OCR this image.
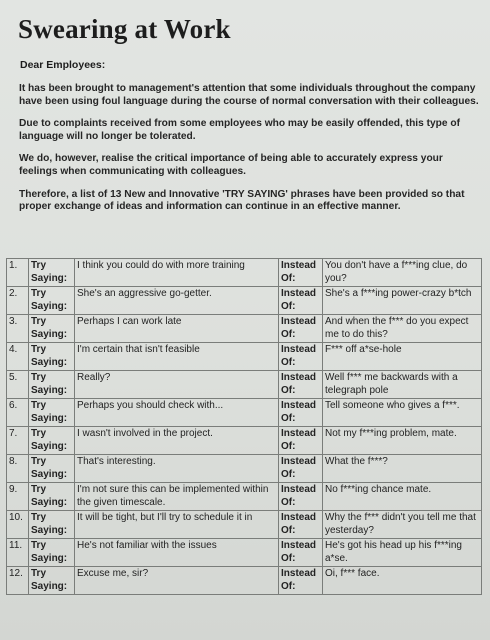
Swearing at Work

Dear Employees:

It has been brought to management's attention that some individuals throughout the company have been using foul language during the course of normal conversation with their colleagues.

Due to complaints received from some employees who may be easily offended, this type of language will no longer be tolerated.

We do, however, realise the critical importance of being able to accurately express your feelings when communicating with colleagues.

Therefore, a list of 13 New and Innovative 'TRY SAYING' phrases have been provided so that proper exchange of ideas and information can continue in an effective manner.

1.	Try
Saying:	I think you could do with more training	Instead
Of:	You don't have a f***ing clue, do you?
2.	Try
Saying:	She's an aggressive go-getter.	Instead
Of:	She's a f***ing power-crazy b*tch
3.	Try
Saying:	Perhaps I can work late	Instead
Of:	And when the f*** do you expect me to do this?
4.	Try
Saying:	I'm certain that isn't feasible	Instead
Of:	F*** off a*se-hole
5.	Try
Saying:	Really?	Instead
Of:	Well f*** me backwards with a telegraph pole
6.	Try
Saying:	Perhaps you should check with...	Instead
Of:	Tell someone who gives a f***.
7.	Try
Saying:	I wasn't involved in the project.	Instead
Of:	Not my f***ing problem, mate.
8.	Try
Saying:	That's interesting.	Instead
Of:	What the f***?
9.	Try
Saying:	I'm not sure this can be implemented within the given timescale.	Instead
Of:	No f***ing chance mate.
10.	Try
Saying:	It will be tight, but I'll try to schedule it in	Instead
Of:	Why the f*** didn't you tell me that yesterday?
11.	Try
Saying:	He's not familiar with the issues	Instead
Of:	He's got his head up his f***ing a*se.
12.	Try
Saying:	Excuse me, sir?	Instead
Of:	Oi, f*** face.
